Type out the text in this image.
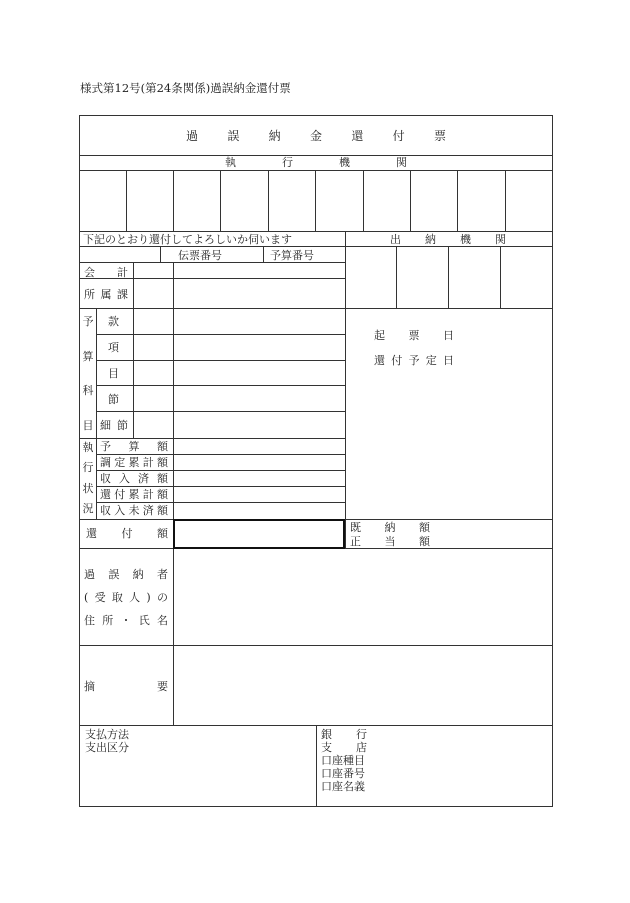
様式第12号(第24条関係)過誤納金還付票
過 誤 納 金 還 付 票
執	行	機	関
下記のとおり還付してよろしいか伺います	出 納 機 関
伝票番号	予算番号
会 計
所 属 課
予
算
科
目
款
項
目
節
細 節
執
行
状
況
予 算 額
調 定 累 計 額
収 入 済 額
還 付 累 計 額
収 入 未 済 額
還 付 額
起 票 日
還 付 予 定 日
既 納 額
正 当 額
過 誤 納 者
( 受 取 人 ) の
住 所 ・ 氏 名
摘	要
支払方法
支出区分
銀 行
支 店
口座種目
口座番号
口座名義
